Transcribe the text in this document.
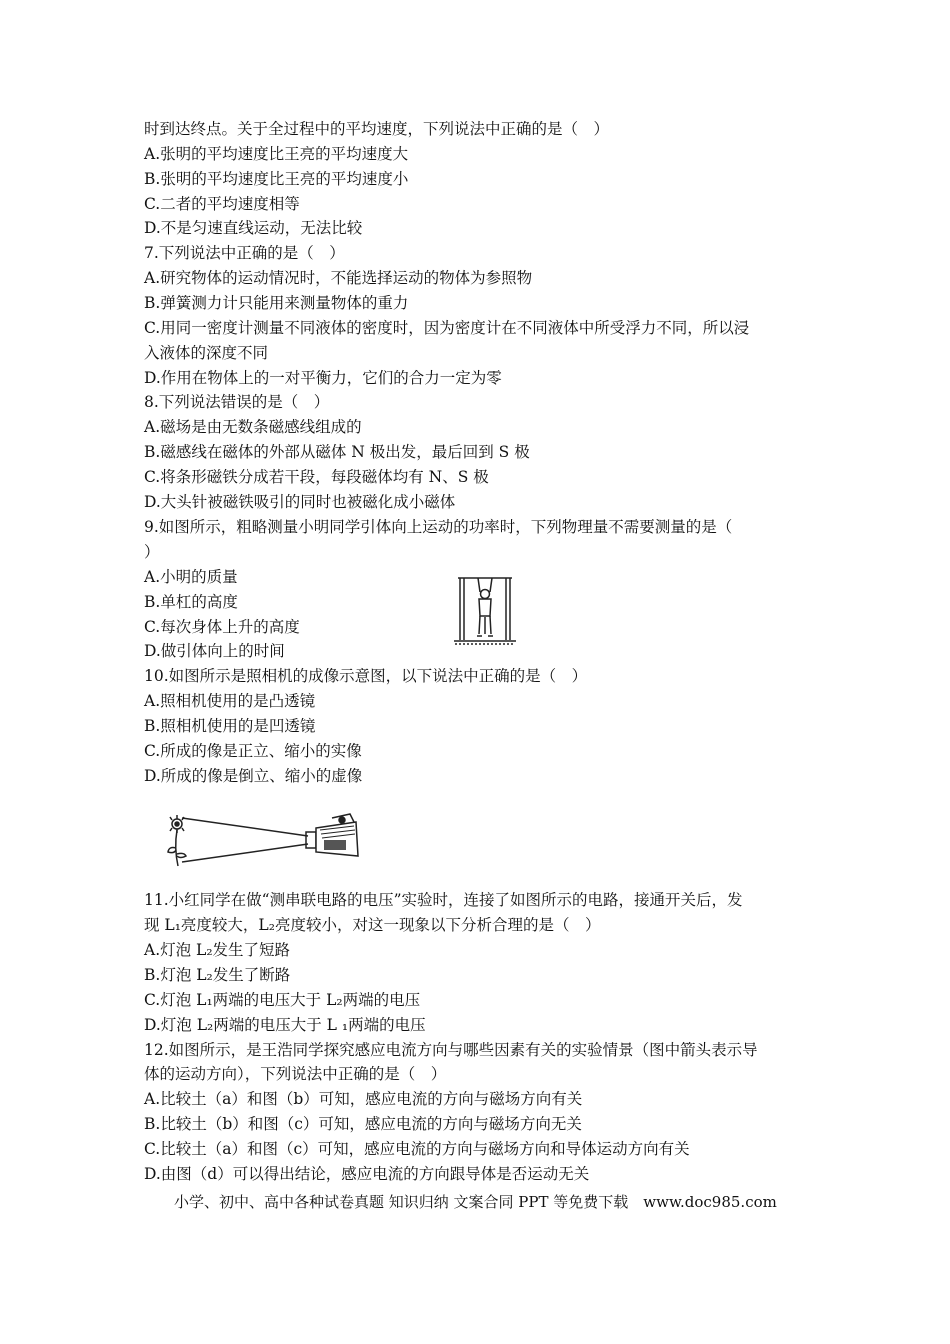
时到达终点。关于全过程中的平均速度，下列说法中正确的是（　）
A.张明的平均速度比王亮的平均速度大
B.张明的平均速度比王亮的平均速度小
C.二者的平均速度相等
D.不是匀速直线运动，无法比较
7.下列说法中正确的是（　）
A.研究物体的运动情况时，不能选择运动的物体为参照物
B.弹簧测力计只能用来测量物体的重力
C.用同一密度计测量不同液体的密度时，因为密度计在不同液体中所受浮力不同，所以浸
入液体的深度不同
D.作用在物体上的一对平衡力，它们的合力一定为零
8.下列说法错误的是（　）
A.磁场是由无数条磁感线组成的
B.磁感线在磁体的外部从磁体 N 极出发，最后回到 S 极
C.将条形磁铁分成若干段，每段磁体均有 N、S 极
D.大头针被磁铁吸引的同时也被磁化成小磁体
9.如图所示，粗略测量小明同学引体向上运动的功率时，下列物理量不需要测量的是（
）
A.小明的质量
B.单杠的高度
C.每次身体上升的高度
D.做引体向上的时间
10.如图所示是照相机的成像示意图，以下说法中正确的是（　）
A.照相机使用的是凸透镜
B.照相机使用的是凹透镜
C.所成的像是正立、缩小的实像
D.所成的像是倒立、缩小的虚像
11.小红同学在做“测串联电路的电压”实验时，连接了如图所示的电路，接通开关后，发
现 L₁亮度较大，L₂亮度较小，对这一现象以下分析合理的是（　）
A.灯泡 L₂发生了短路
B.灯泡 L₂发生了断路
C.灯泡 L₁两端的电压大于 L₂两端的电压
D.灯泡 L₂两端的电压大于 L ₁两端的电压
12.如图所示，是王浩同学探究感应电流方向与哪些因素有关的实验情景（图中箭头表示导
体的运动方向），下列说法中正确的是（　）
A.比较土（a）和图（b）可知，感应电流的方向与磁场方向有关
B.比较土（b）和图（c）可知，感应电流的方向与磁场方向无关
C.比较土（a）和图（c）可知，感应电流的方向与磁场方向和导体运动方向有关
D.由图（d）可以得出结论，感应电流的方向跟导体是否运动无关
小学、初中、高中各种试卷真题 知识归纳 文案合同 PPT 等免费下载　www.doc985.com
